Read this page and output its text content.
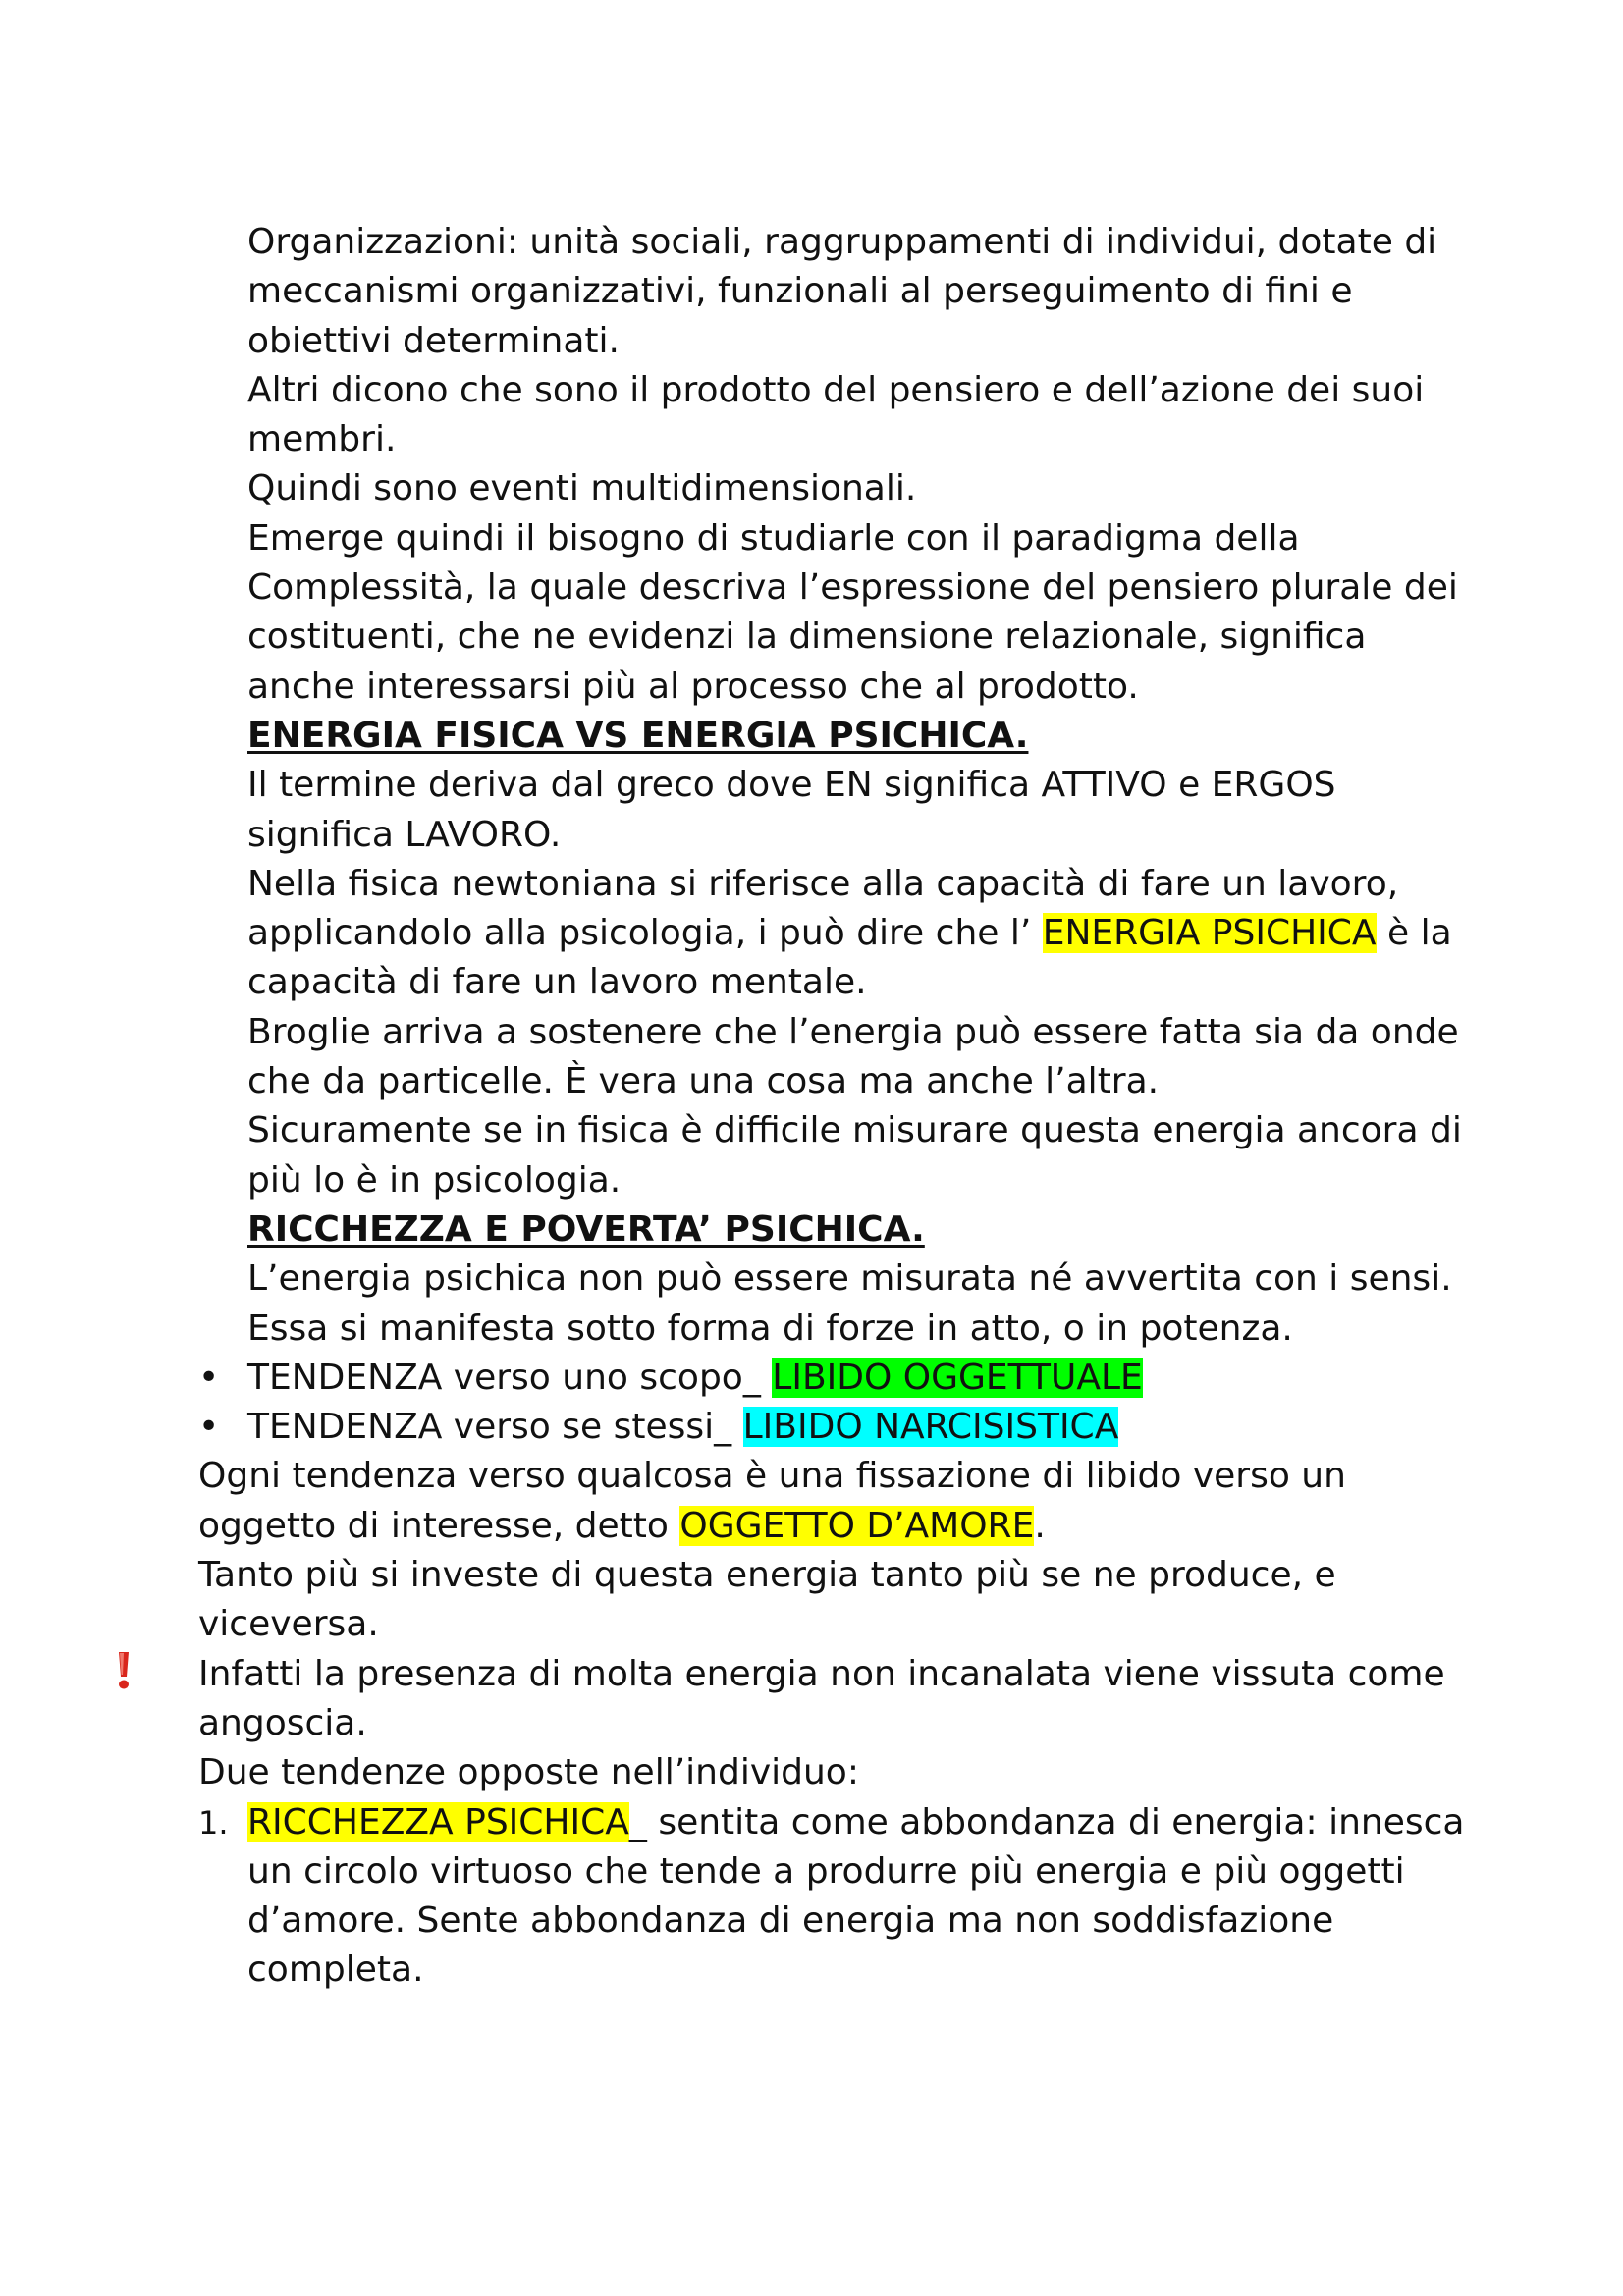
Organizzazioni: unità sociali, raggruppamenti di individui, dotate di meccanismi organizzativi, funzionali al perseguimento di fini e obiettivi determinati.

Altri dicono che sono il prodotto del pensiero e dell’azione dei suoi membri.

Quindi sono eventi multidimensionali.

Emerge quindi il bisogno di studiarle con il paradigma della Complessità, la quale descriva l’espressione del pensiero plurale dei costituenti, che ne evidenzi la dimensione relazionale, significa anche interessarsi più al processo che al prodotto.

ENERGIA FISICA VS ENERGIA PSICHICA.

Il termine deriva dal greco dove EN significa ATTIVO e ERGOS significa LAVORO.

Nella fisica newtoniana si riferisce alla capacità di fare un lavoro, applicandolo alla psicologia, i può dire che l’ ENERGIA PSICHICA è la capacità di fare un lavoro mentale.

Broglie arriva a sostenere che l’energia può essere fatta sia da onde che da particelle. È vera una cosa ma anche l’altra.

Sicuramente se in fisica è difficile misurare questa energia ancora di più lo è in psicologia.

RICCHEZZA E POVERTA’ PSICHICA.

L’energia psichica non può essere misurata né avvertita con i sensi. Essa si manifesta sotto forma di forze in atto, o in potenza.

• TENDENZA verso uno scopo_ LIBIDO OGGETTUALE
• TENDENZA verso se stessi_ LIBIDO NARCISISTICA

Ogni tendenza verso qualcosa è una fissazione di libido verso un oggetto di interesse, detto OGGETTO D’AMORE.

Tanto più si investe di questa energia tanto più se ne produce, e viceversa.

Infatti la presenza di molta energia non incanalata viene vissuta come angoscia.

Due tendenze opposte nell’individuo:

1. RICCHEZZA PSICHICA_ sentita come abbondanza di energia: innesca un circolo virtuoso che tende a produrre più energia e più oggetti d’amore. Sente abbondanza di energia ma non soddisfazione completa.
